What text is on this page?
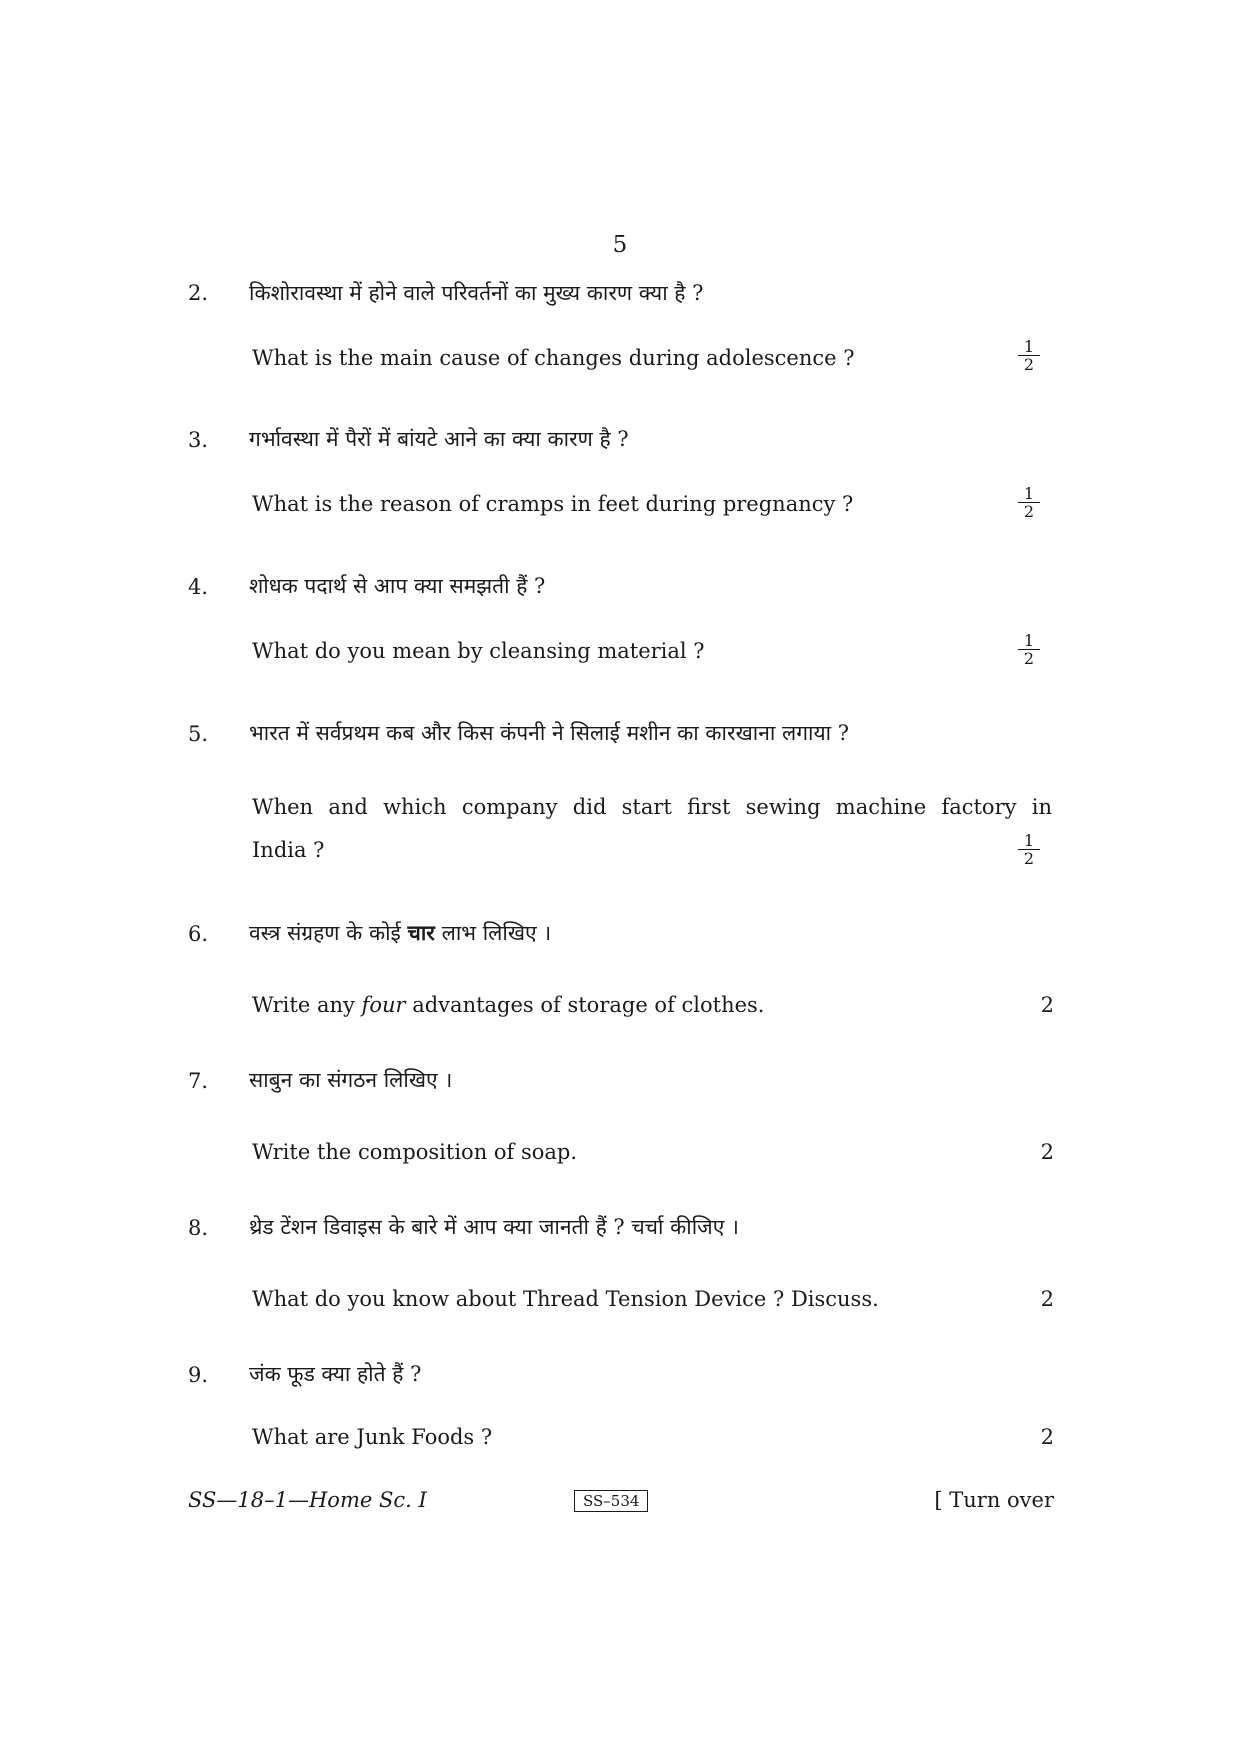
5
2. किशोरावस्था में होने वाले परिवर्तनों का मुख्य कारण क्या है ?
What is the main cause of changes during adolescence ?	$\frac{1}{2}$
3. गर्भावस्था में पैरों में बांयटे आने का क्या कारण है ?
What is the reason of cramps in feet during pregnancy ?	$\frac{1}{2}$
4. शोधक पदार्थ से आप क्या समझती हैं ?
What do you mean by cleansing material ?	$\frac{1}{2}$
5. भारत में सर्वप्रथम कब और किस कंपनी ने सिलाई मशीन का कारखाना लगाया ?
When and which company did start first sewing machine factory in
India ?	$\frac{1}{2}$
6. वस्त्र संग्रहण के कोई चार लाभ लिखिए ।
Write any four advantages of storage of clothes.	2
7. साबुन का संगठन लिखिए ।
Write the composition of soap.	2
8. थ्रेड टेंशन डिवाइस के बारे में आप क्या जानती हैं ? चर्चा कीजिए ।
What do you know about Thread Tension Device ? Discuss.	2
9. जंक फूड क्या होते हैं ?
What are Junk Foods ?	2
SS—18–1—Home Sc. I	SS–534	[ Turn over
